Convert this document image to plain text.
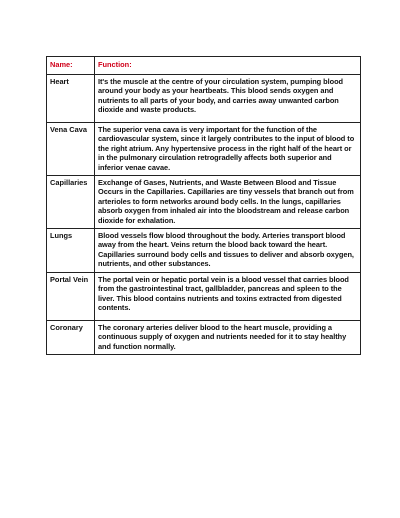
Name:	Function:
Heart	It's the muscle at the centre of your circulation system, pumping blood around your body as your heartbeats. This blood sends oxygen and nutrients to all parts of your body, and carries away unwanted carbon dioxide and waste products.
Vena Cava	The superior vena cava is very important for the function of the cardiovascular system, since it largely contributes to the input of blood to the right atrium. Any hypertensive process in the right half of the heart or in the pulmonary circulation retrogradelly affects both superior and inferior venae cavae.
Capillaries	Exchange of Gases, Nutrients, and Waste Between Blood and Tissue Occurs in the Capillaries. Capillaries are tiny vessels that branch out from arterioles to form networks around body cells. In the lungs, capillaries absorb oxygen from inhaled air into the bloodstream and release carbon dioxide for exhalation.
Lungs	Blood vessels flow blood throughout the body. Arteries transport blood away from the heart. Veins return the blood back toward the heart. Capillaries surround body cells and tissues to deliver and absorb oxygen, nutrients, and other substances.
Portal Vein	The portal vein or hepatic portal vein is a blood vessel that carries blood from the gastrointestinal tract, gallbladder, pancreas and spleen to the liver. This blood contains nutrients and toxins extracted from digested contents.
Coronary	The coronary arteries deliver blood to the heart muscle, providing a continuous supply of oxygen and nutrients needed for it to stay healthy and function normally.
